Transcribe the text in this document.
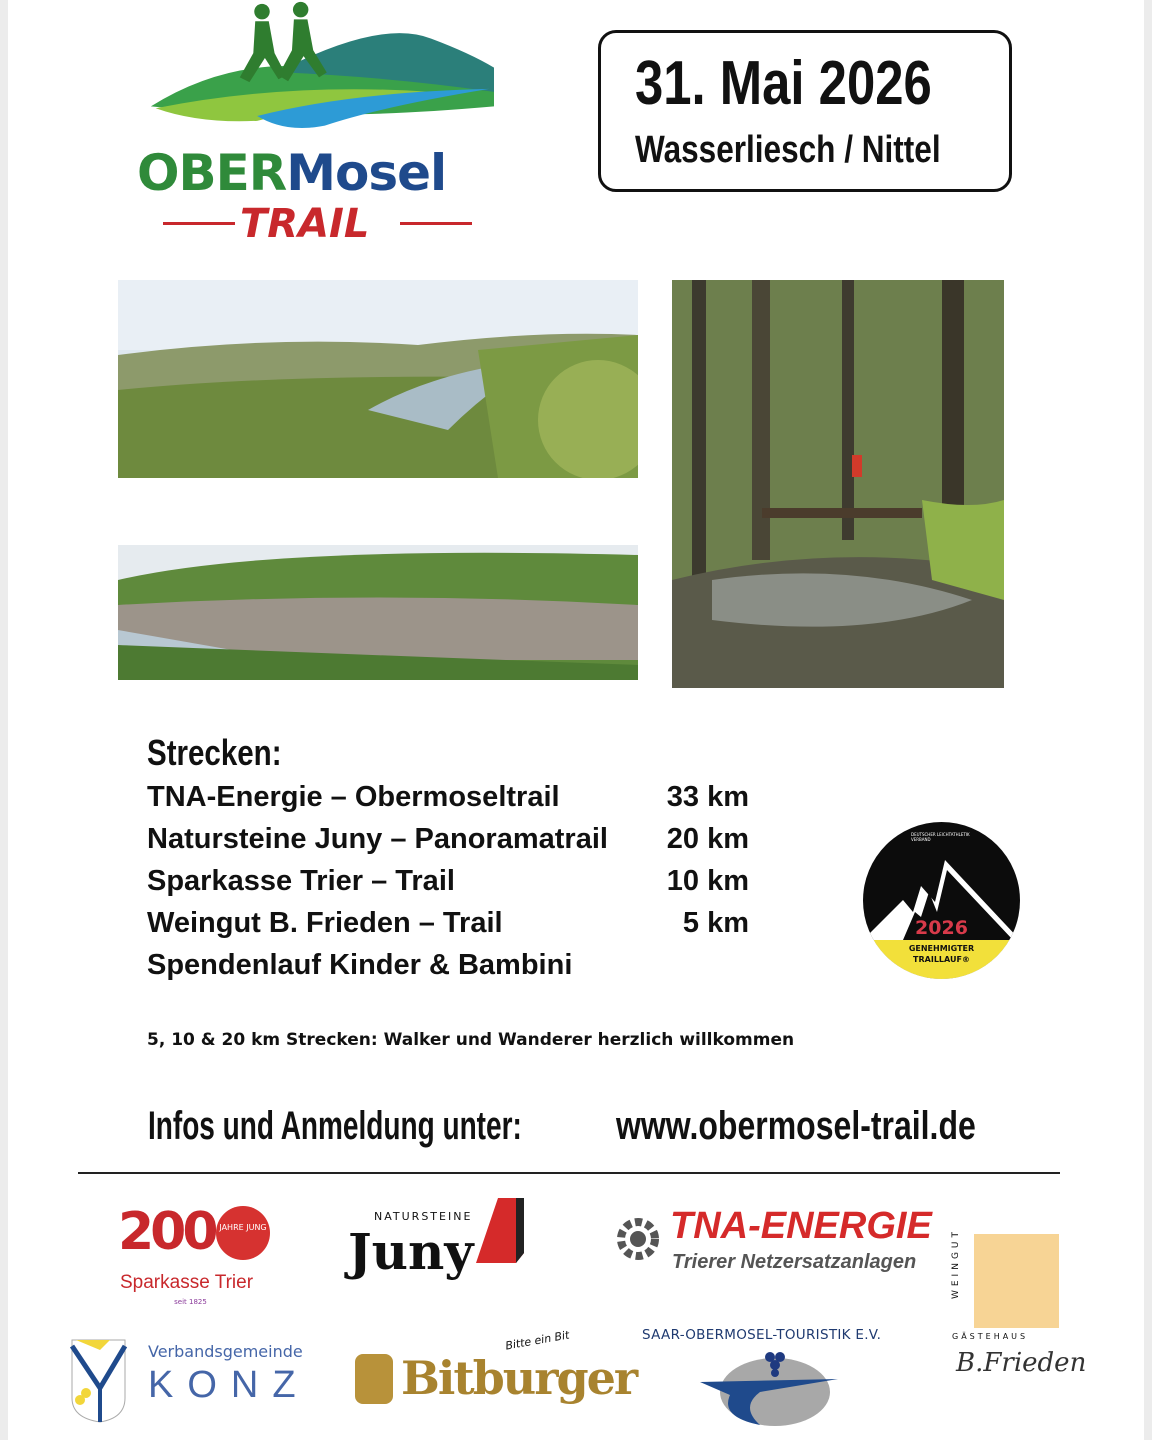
OBERMosel
TRAIL
31. Mai 2026
Wasserliesch / Nittel
Strecken:
TNA-Energie – Obermoseltrail	33 km
Natursteine Juny – Panoramatrail 20 km
Sparkasse Trier – Trail	10 km
Weingut B. Frieden – Trail	5 km
Spendenlauf Kinder & Bambini
5, 10 & 20 km Strecken: Walker und Wanderer herzlich willkommen
DEUTSCHER LEICHTATHLETIK VERBAND
2026
GENEHMIGTER
TRAILLAUF®
Infos und Anmeldung unter:	www.obermosel-trail.de
200 JAHRE JUNG
Sparkasse Trier
seit 1825
NATURSTEINE
Juny	TNA-ENERGIE
Trierer Netzersatzanlagen	WEINGUT
GÄSTEHAUS
B.Frieden
Verbandsgemeinde
KONZ Bitburger
Bitte ein Bit	SAAR-OBERMOSEL-TOURISTIK E.V.
